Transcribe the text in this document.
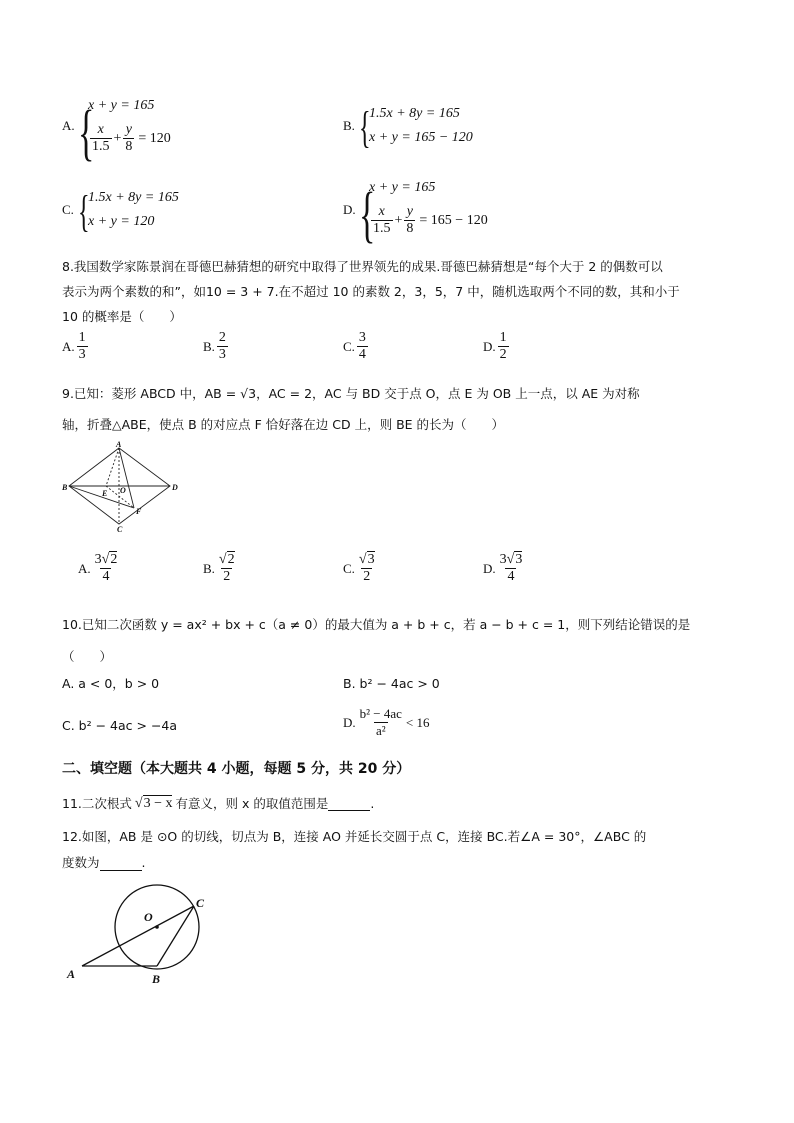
A. {
x + y = 165
$\frac{x}{1.5} + \frac{y}{8} = 120$
B. {
1.5x + 8y = 165
x + y = 165 − 120
C. {
1.5x + 8y = 165
x + y = 120
D. {
x + y = 165
$\frac{x}{1.5} + \frac{y}{8} = 165 - 120$
8.我国数学家陈景润在哥德巴赫猜想的研究中取得了世界领先的成果.哥德巴赫猜想是“每个大于 2 的偶数可以
表示为两个素数的和”，如10 = 3 + 7.在不超过 10 的素数 2，3，5，7 中，随机选取两个不同的数，其和小于
10 的概率是（　　）
A. $\frac{1}{3}$	B. $\frac{2}{3}$	C. $\frac{3}{4}$	D. $\frac{1}{2}$
9.已知：菱形 ABCD 中，AB = √3，AC = 2，AC 与 BD 交于点 O，点 E 为 OB 上一点，以 AE 为对称
轴，折叠△ABE，使点 B 的对应点 F 恰好落在边 CD 上，则 BE 的长为（　　）
A
B	D
E O
F
C
A. $\frac{3√2}{4}$	B. $\frac{√2}{2}$	C. $\frac{√3}{2}$	D. $\frac{3√3}{4}$
10.已知二次函数 y = ax² + bx + c（a ≠ 0）的最大值为 a + b + c，若 a − b + c = 1，则下列结论错误的是
（　　）
A. a < 0，b > 0	B. b² − 4ac > 0
C. b² − 4ac > −4a	D. $\frac{\text{b² − 4ac}}{\text{a²}} < 16$
二、填空题（本大题共 4 小题，每题 5 分，共 20 分）
11.二次根式 √3 − x 有意义，则 x 的取值范围是	.
12.如图，AB 是 ⊙O 的切线，切点为 B，连接 AO 并延长交圆于点 C，连接 BC.若∠A = 30°，∠ABC 的
度数为	.
O
C
A	B
